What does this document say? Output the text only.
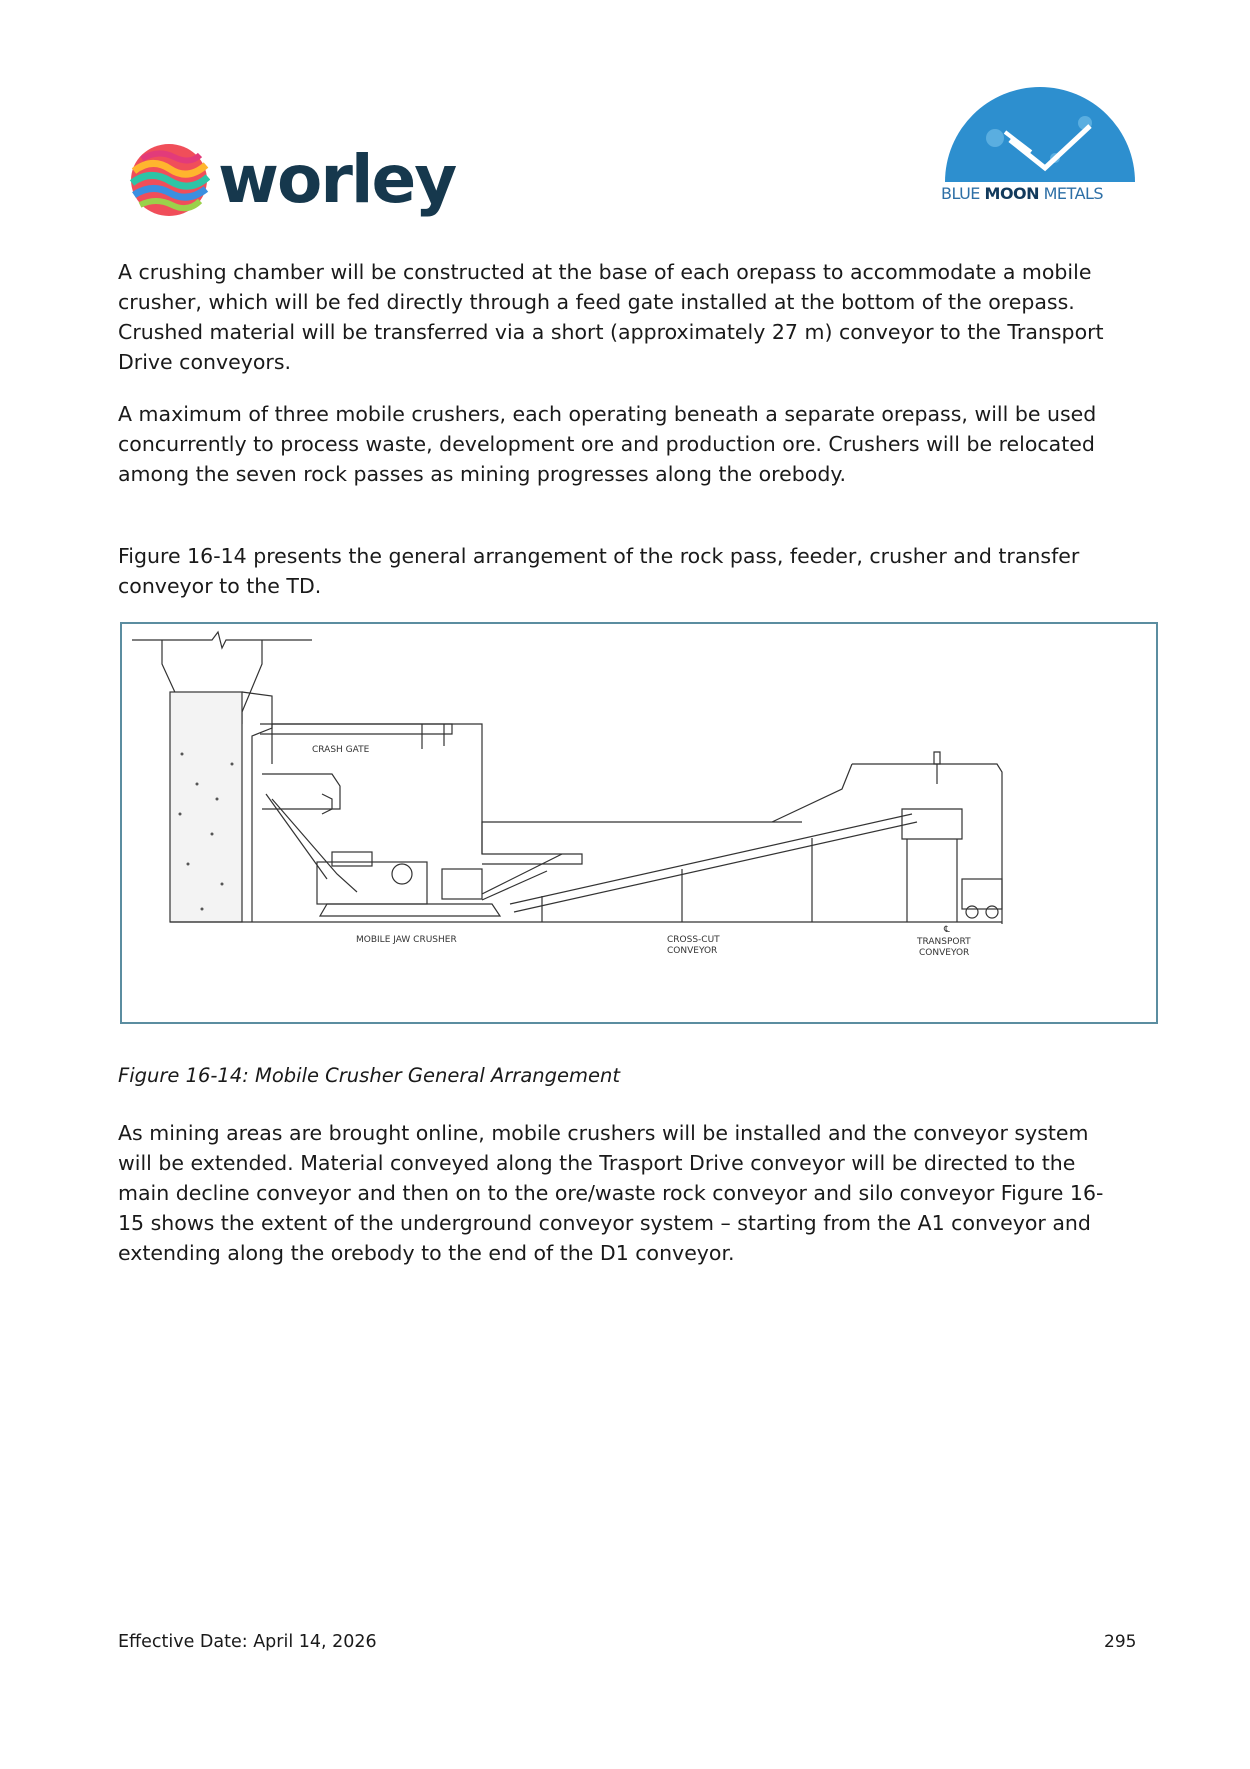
worley	BLUE MOON METALS

A crushing chamber will be constructed at the base of each orepass to accommodate a mobile crusher, which will be fed directly through a feed gate installed at the bottom of the orepass. Crushed material will be transferred via a short (approximately 27 m) conveyor to the Transport Drive conveyors.

A maximum of three mobile crushers, each operating beneath a separate orepass, will be used concurrently to process waste, development ore and production ore. Crushers will be relocated among the seven rock passes as mining progresses along the orebody.

Figure 16-14 presents the general arrangement of the rock pass, feeder, crusher and transfer conveyor to the TD.

CRASH GATE
MOBILE JAW CRUSHER	CROSS-CUT
CONVEYOR
℄
TRANSPORT
CONVEYOR

Figure 16-14: Mobile Crusher General Arrangement

As mining areas are brought online, mobile crushers will be installed and the conveyor system will be extended. Material conveyed along the Trasport Drive conveyor will be directed to the main decline conveyor and then on to the ore/waste rock conveyor and silo conveyor Figure 16-15 shows the extent of the underground conveyor system – starting from the A1 conveyor and extending along the orebody to the end of the D1 conveyor.

Effective Date: April 14, 2026	295
